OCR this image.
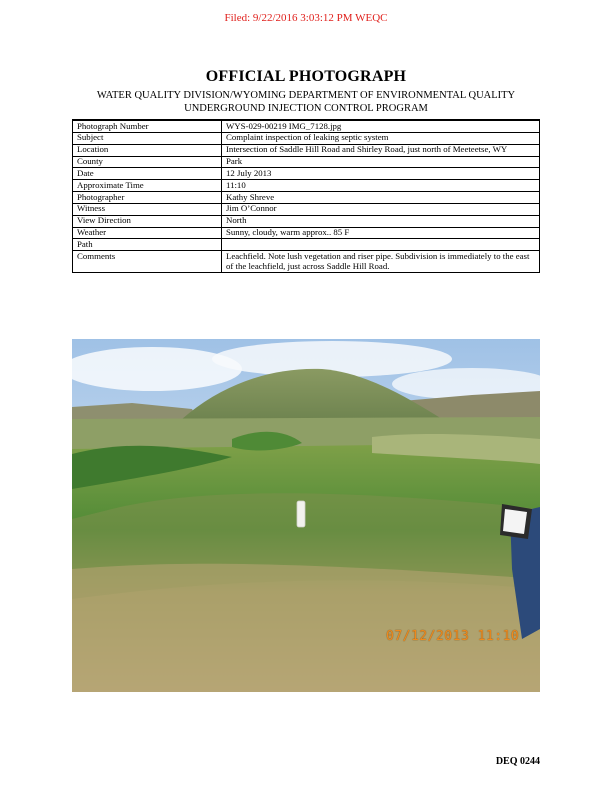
Filed: 9/22/2016 3:03:12 PM WEQC
OFFICIAL PHOTOGRAPH
WATER QUALITY DIVISION/WYOMING DEPARTMENT OF ENVIRONMENTAL QUALITY
UNDERGROUND INJECTION CONTROL PROGRAM
Photograph Number	WYS-029-00219 IMG_7128.jpg
Subject	Complaint inspection of leaking septic system
Location	Intersection of Saddle Hill Road and Shirley Road, just north of Meeteetse, WY
County	Park
Date	12 July 2013
Approximate Time	11:10
Photographer	Kathy Shreve
Witness	Jim O’Connor
View Direction	North
Weather	Sunny, cloudy, warm approx.. 85 F
Path	
Comments	Leachfield. Note lush vegetation and riser pipe. Subdivision is immediately to the east of the leachfield, just across Saddle Hill Road.
07/12/2013 11:10
DEQ 0244
